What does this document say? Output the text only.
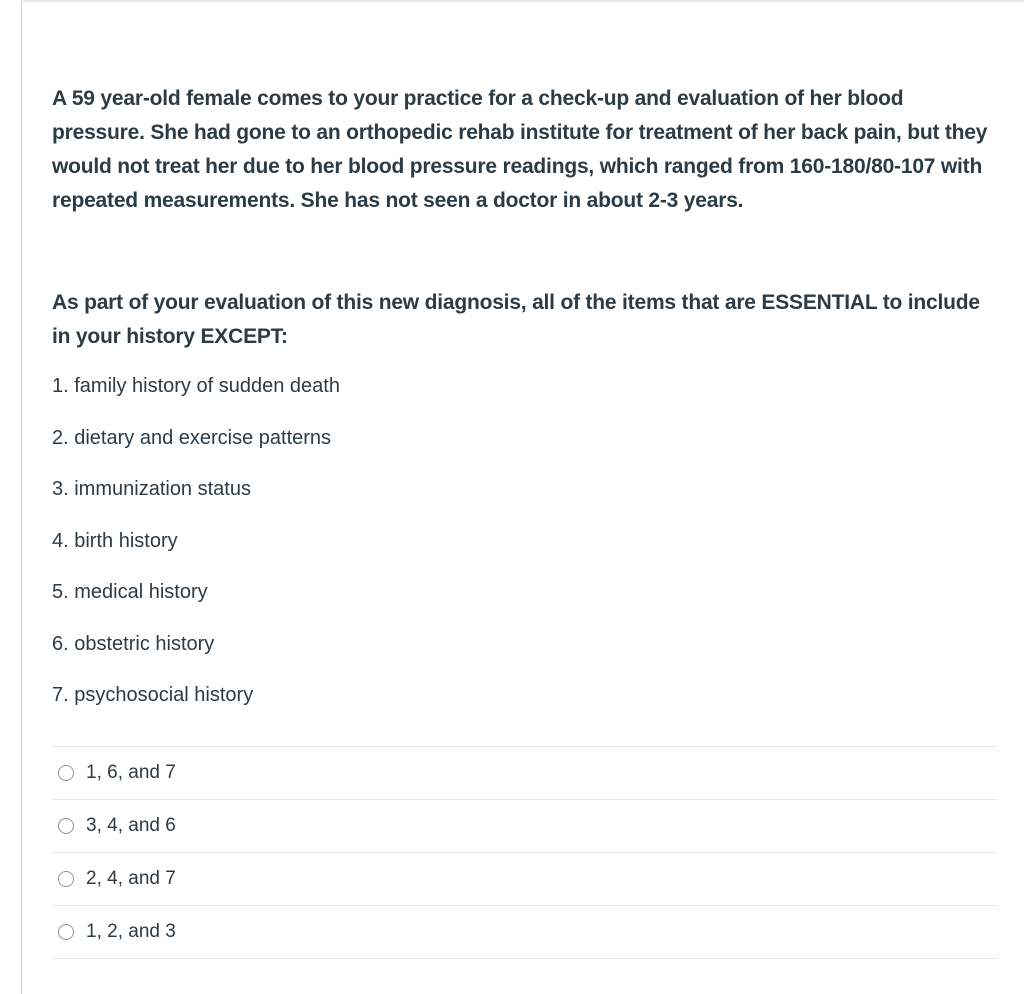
A 59 year-old female comes to your practice for a check-up and evaluation of her blood pressure. She had gone to an orthopedic rehab institute for treatment of her back pain, but they would not treat her due to her blood pressure readings, which ranged from 160-180/80-107 with repeated measurements. She has not seen a doctor in about 2-3 years.

As part of your evaluation of this new diagnosis, all of the items that are ESSENTIAL to include in your history EXCEPT:

1. family history of sudden death
2. dietary and exercise patterns
3. immunization status
4. birth history
5. medical history
6. obstetric history
7. psychosocial history
1, 6, and 7
3, 4, and 6
2, 4, and 7
1, 2, and 3
